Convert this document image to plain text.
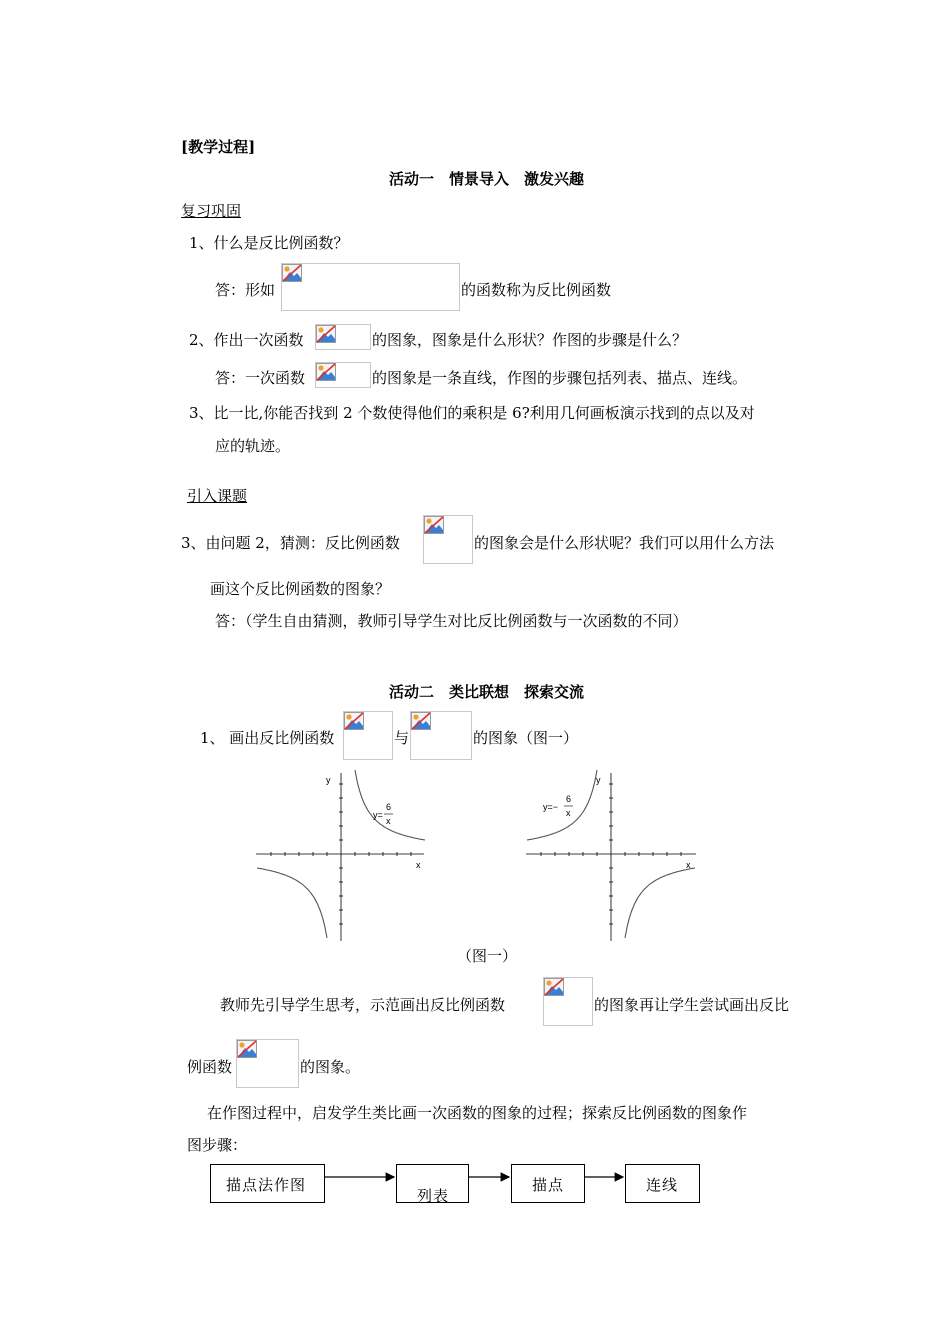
[教学过程]
活动一　情景导入　激发兴趣
复习巩固
1、什么是反比例函数？
答：形如	的函数称为反比例函数
2、作出一次函数	的图象，图象是什么形状？作图的步骤是什么？
答：一次函数	的图象是一条直线，作图的步骤包括列表、描点、连线。
3、比一比,你能否找到 2 个数使得他们的乘积是 6?利用几何画板演示找到的点以及对
应的轨迹。
引入课题
3、由问题 2，猜测：反比例函数	的图象会是什么形状呢？我们可以用什么方法
画这个反比例函数的图象？
答：（学生自由猜测，教师引导学生对比反比例函数与一次函数的不同）
活动二　类比联想　探索交流
1、 画出反比例函数	与	的图象（图一）
y
x
y=
6
x
y
x
y=−
6
x
（图一）
教师先引导学生思考，示范画出反比例函数	的图象再让学生尝试画出反比
例函数	的图象。
在作图过程中，启发学生类比画一次函数的图象的过程；探索反比例函数的图象作
图步骤：
描点法作图
列表
描点	连线
